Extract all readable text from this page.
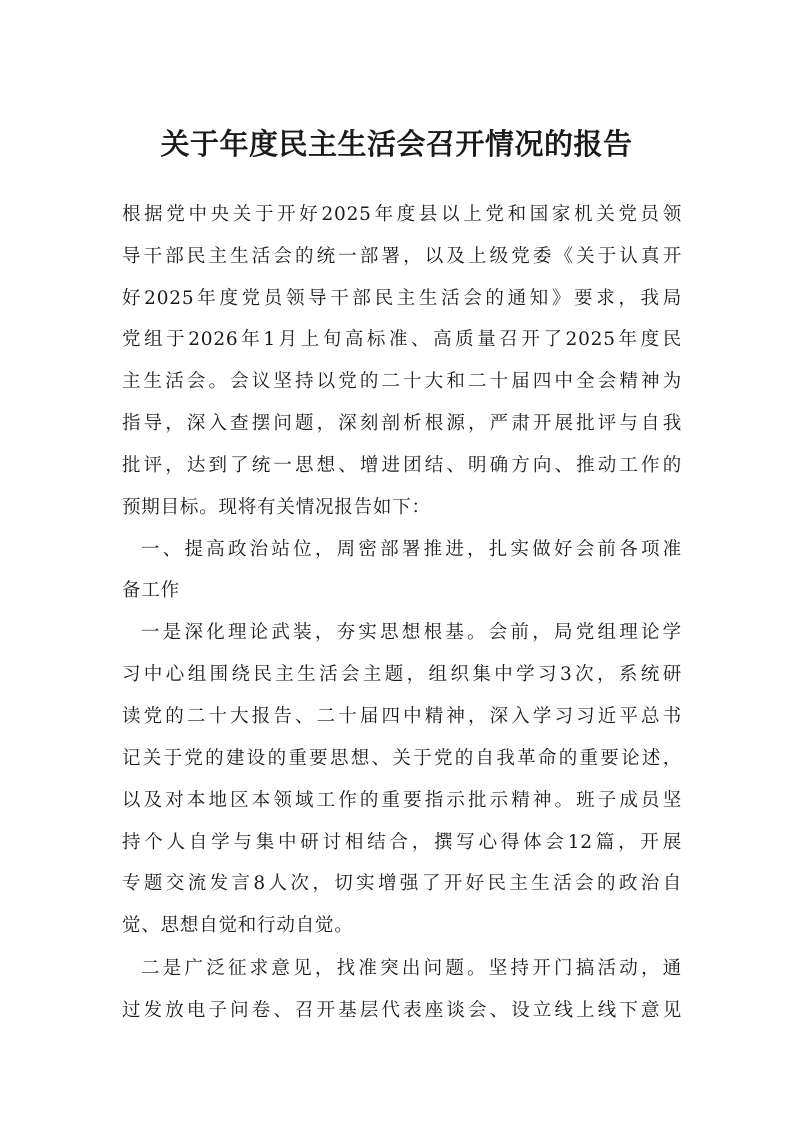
关于年度民主生活会召开情况的报告
根据党中央关于开好2025年度县以上党和国家机关党员领
导干部民主生活会的统一部署，以及上级党委《关于认真开
好2025年度党员领导干部民主生活会的通知》要求，我局
党组于2026年1月上旬高标准、高质量召开了2025年度民
主生活会。会议坚持以党的二十大和二十届四中全会精神为
指导，深入查摆问题，深刻剖析根源，严肃开展批评与自我
批评，达到了统一思想、增进团结、明确方向、推动工作的
预期目标。现将有关情况报告如下：
一、提高政治站位，周密部署推进，扎实做好会前各项准
备工作
一是深化理论武装，夯实思想根基。会前，局党组理论学
习中心组围绕民主生活会主题，组织集中学习3次，系统研
读党的二十大报告、二十届四中精神，深入学习习近平总书
记关于党的建设的重要思想、关于党的自我革命的重要论述，
以及对本地区本领域工作的重要指示批示精神。班子成员坚
持个人自学与集中研讨相结合，撰写心得体会12篇，开展
专题交流发言8人次，切实增强了开好民主生活会的政治自
觉、思想自觉和行动自觉。
二是广泛征求意见，找准突出问题。坚持开门搞活动，通
过发放电子问卷、召开基层代表座谈会、设立线上线下意见
